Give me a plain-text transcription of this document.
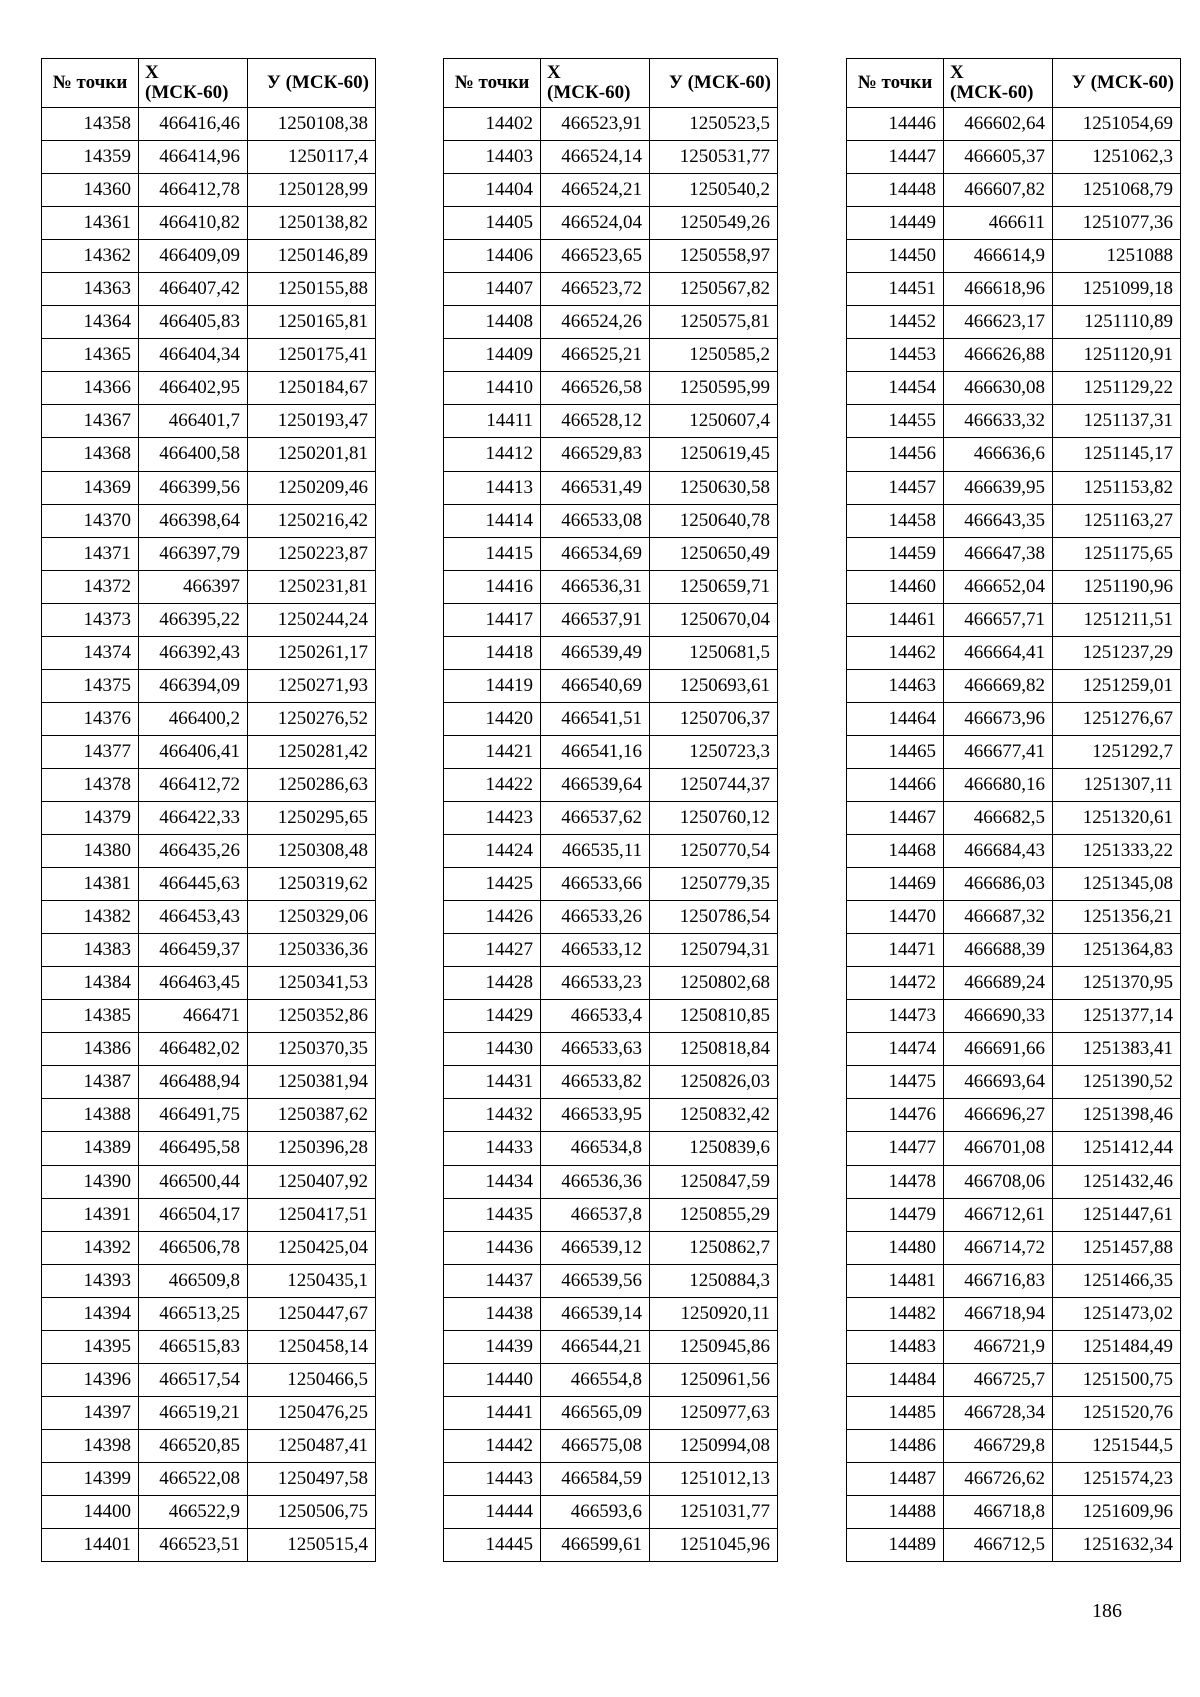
№ точки	X (МСК-60)	У (МСК-60)
14358	466416,46	1250108,38
14359	466414,96	1250117,4
14360	466412,78	1250128,99
14361	466410,82	1250138,82
14362	466409,09	1250146,89
14363	466407,42	1250155,88
14364	466405,83	1250165,81
14365	466404,34	1250175,41
14366	466402,95	1250184,67
14367	466401,7	1250193,47
14368	466400,58	1250201,81
14369	466399,56	1250209,46
14370	466398,64	1250216,42
14371	466397,79	1250223,87
14372	466397	1250231,81
14373	466395,22	1250244,24
14374	466392,43	1250261,17
14375	466394,09	1250271,93
14376	466400,2	1250276,52
14377	466406,41	1250281,42
14378	466412,72	1250286,63
14379	466422,33	1250295,65
14380	466435,26	1250308,48
14381	466445,63	1250319,62
14382	466453,43	1250329,06
14383	466459,37	1250336,36
14384	466463,45	1250341,53
14385	466471	1250352,86
14386	466482,02	1250370,35
14387	466488,94	1250381,94
14388	466491,75	1250387,62
14389	466495,58	1250396,28
14390	466500,44	1250407,92
14391	466504,17	1250417,51
14392	466506,78	1250425,04
14393	466509,8	1250435,1
14394	466513,25	1250447,67
14395	466515,83	1250458,14
14396	466517,54	1250466,5
14397	466519,21	1250476,25
14398	466520,85	1250487,41
14399	466522,08	1250497,58
14400	466522,9	1250506,75
14401	466523,51	1250515,4
№ точки	X (МСК-60)	У (МСК-60)
14402	466523,91	1250523,5
14403	466524,14	1250531,77
14404	466524,21	1250540,2
14405	466524,04	1250549,26
14406	466523,65	1250558,97
14407	466523,72	1250567,82
14408	466524,26	1250575,81
14409	466525,21	1250585,2
14410	466526,58	1250595,99
14411	466528,12	1250607,4
14412	466529,83	1250619,45
14413	466531,49	1250630,58
14414	466533,08	1250640,78
14415	466534,69	1250650,49
14416	466536,31	1250659,71
14417	466537,91	1250670,04
14418	466539,49	1250681,5
14419	466540,69	1250693,61
14420	466541,51	1250706,37
14421	466541,16	1250723,3
14422	466539,64	1250744,37
14423	466537,62	1250760,12
14424	466535,11	1250770,54
14425	466533,66	1250779,35
14426	466533,26	1250786,54
14427	466533,12	1250794,31
14428	466533,23	1250802,68
14429	466533,4	1250810,85
14430	466533,63	1250818,84
14431	466533,82	1250826,03
14432	466533,95	1250832,42
14433	466534,8	1250839,6
14434	466536,36	1250847,59
14435	466537,8	1250855,29
14436	466539,12	1250862,7
14437	466539,56	1250884,3
14438	466539,14	1250920,11
14439	466544,21	1250945,86
14440	466554,8	1250961,56
14441	466565,09	1250977,63
14442	466575,08	1250994,08
14443	466584,59	1251012,13
14444	466593,6	1251031,77
14445	466599,61	1251045,96
№ точки	X (МСК-60)	У (МСК-60)
14446	466602,64	1251054,69
14447	466605,37	1251062,3
14448	466607,82	1251068,79
14449	466611	1251077,36
14450	466614,9	1251088
14451	466618,96	1251099,18
14452	466623,17	1251110,89
14453	466626,88	1251120,91
14454	466630,08	1251129,22
14455	466633,32	1251137,31
14456	466636,6	1251145,17
14457	466639,95	1251153,82
14458	466643,35	1251163,27
14459	466647,38	1251175,65
14460	466652,04	1251190,96
14461	466657,71	1251211,51
14462	466664,41	1251237,29
14463	466669,82	1251259,01
14464	466673,96	1251276,67
14465	466677,41	1251292,7
14466	466680,16	1251307,11
14467	466682,5	1251320,61
14468	466684,43	1251333,22
14469	466686,03	1251345,08
14470	466687,32	1251356,21
14471	466688,39	1251364,83
14472	466689,24	1251370,95
14473	466690,33	1251377,14
14474	466691,66	1251383,41
14475	466693,64	1251390,52
14476	466696,27	1251398,46
14477	466701,08	1251412,44
14478	466708,06	1251432,46
14479	466712,61	1251447,61
14480	466714,72	1251457,88
14481	466716,83	1251466,35
14482	466718,94	1251473,02
14483	466721,9	1251484,49
14484	466725,7	1251500,75
14485	466728,34	1251520,76
14486	466729,8	1251544,5
14487	466726,62	1251574,23
14488	466718,8	1251609,96
14489	466712,5	1251632,34
186
